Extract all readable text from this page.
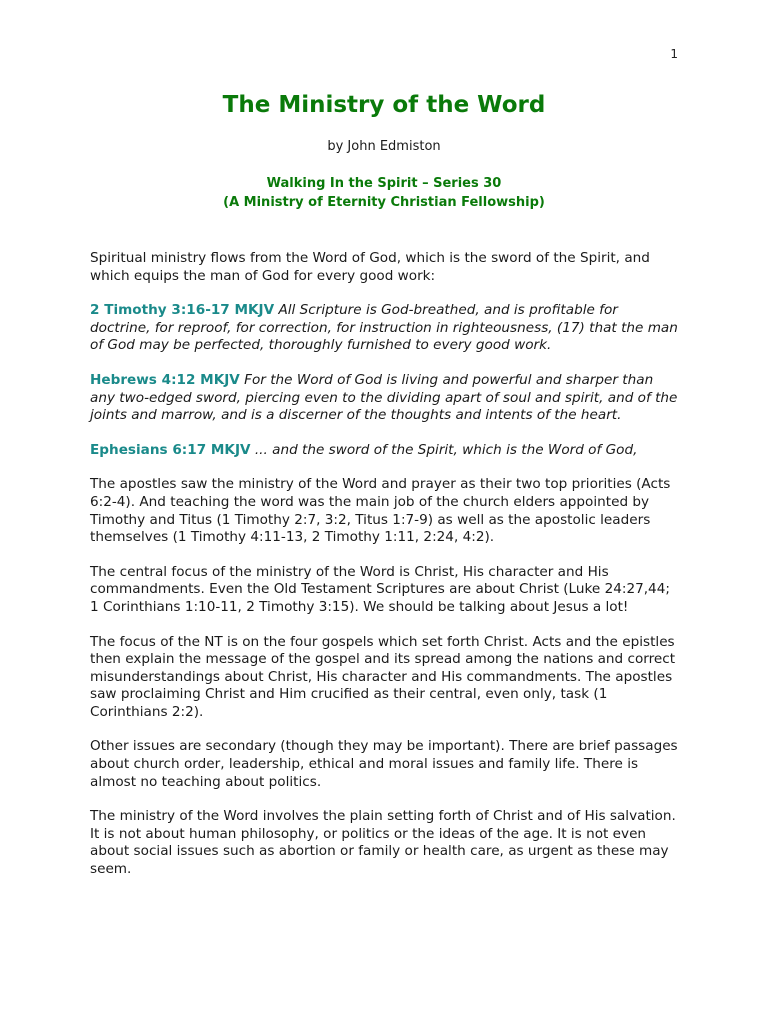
1
The Ministry of the Word
by John Edmiston
Walking In the Spirit – Series 30
(A Ministry of Eternity Christian Fellowship)

Spiritual ministry flows from the Word of God, which is the sword of the Spirit, and which equips the man of God for every good work:

2 Timothy 3:16-17 MKJV All Scripture is God-breathed, and is profitable for doctrine, for reproof, for correction, for instruction in righteousness, (17) that the man of God may be perfected, thoroughly furnished to every good work.

Hebrews 4:12 MKJV For the Word of God is living and powerful and sharper than any two-edged sword, piercing even to the dividing apart of soul and spirit, and of the joints and marrow, and is a discerner of the thoughts and intents of the heart.

Ephesians 6:17 MKJV ... and the sword of the Spirit, which is the Word of God,

The apostles saw the ministry of the Word and prayer as their two top priorities (Acts 6:2-4). And teaching the word was the main job of the church elders appointed by Timothy and Titus (1 Timothy 2:7, 3:2, Titus 1:7-9) as well as the apostolic leaders themselves (1 Timothy 4:11-13, 2 Timothy 1:11, 2:24, 4:2).

The central focus of the ministry of the Word is Christ, His character and His commandments. Even the Old Testament Scriptures are about Christ (Luke 24:27,44; 1 Corinthians 1:10-11, 2 Timothy 3:15). We should be talking about Jesus a lot!

The focus of the NT is on the four gospels which set forth Christ. Acts and the epistles then explain the message of the gospel and its spread among the nations and correct misunderstandings about Christ, His character and His commandments. The apostles saw proclaiming Christ and Him crucified as their central, even only, task (1 Corinthians 2:2).

Other issues are secondary (though they may be important). There are brief passages about church order, leadership, ethical and moral issues and family life. There is almost no teaching about politics.

The ministry of the Word involves the plain setting forth of Christ and of His salvation. It is not about human philosophy, or politics or the ideas of the age. It is not even about social issues such as abortion or family or health care, as urgent as these may seem.
